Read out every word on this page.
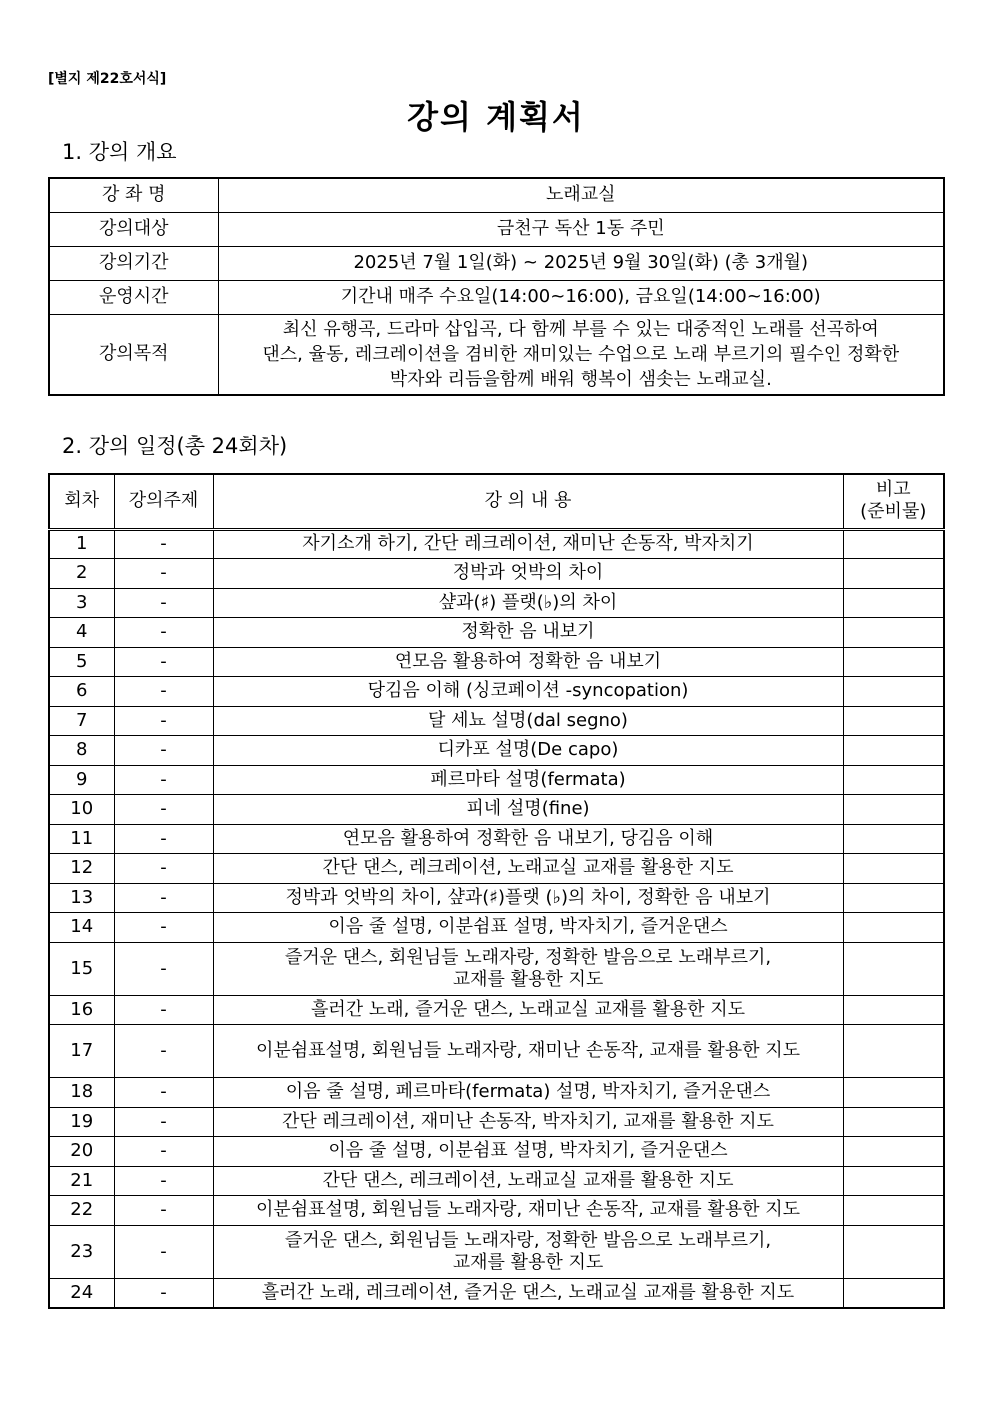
[별지 제22호서식]
강의 계획서
1. 강의 개요
강 좌 명	노래교실
강의대상	금천구 독산 1동 주민
강의기간	2025년 7월 1일(화) ~ 2025년 9월 30일(화) (총 3개월)
운영시간	기간내 매주 수요일(14:00~16:00), 금요일(14:00~16:00)
강의목적	최신 유행곡, 드라마 삽입곡, 다 함께 부를 수 있는 대중적인 노래를 선곡하여
댄스, 율동, 레크레이션을 겸비한 재미있는 수업으로 노래 부르기의 필수인 정확한
박자와 리듬을함께 배워 행복이 샘솟는 노래교실.
2. 강의 일정(총 24회차)
회차	강의주제	강 의 내 용	비고
(준비물)

1	-	자기소개 하기, 간단 레크레이션, 재미난 손동작, 박자치기	

2	-	정박과 엇박의 차이	

3	-	샾과(♯) 플랫(♭)의 차이	

4	-	정확한 음 내보기	

5	-	연모음 활용하여 정확한 음 내보기	

6	-	당김음 이해 (싱코페이션 -syncopation)	

7	-	달 세뇨 설명(dal segno)	

8	-	디카포 설명(De capo)	

9	-	페르마타 설명(fermata)	

10	-	피네 설명(fine)	

11	-	연모음 활용하여 정확한 음 내보기, 당김음 이해	

12	-	간단 댄스, 레크레이션, 노래교실 교재를 활용한 지도	

13	-	정박과 엇박의 차이, 샾과(♯)플랫 (♭)의 차이, 정확한 음 내보기	

14	-	이음 줄 설명, 이분쉼표 설명, 박자치기, 즐거운댄스	

15	-	즐거운 댄스, 회원님들 노래자랑, 정확한 발음으로 노래부르기,
교재를 활용한 지도	

16	-	흘러간 노래, 즐거운 댄스, 노래교실 교재를 활용한 지도	

17	-	이분쉼표설명, 회원님들 노래자랑, 재미난 손동작, 교재를 활용한 지도	

18	-	이음 줄 설명, 페르마타(fermata) 설명, 박자치기, 즐거운댄스	

19	-	간단 레크레이션, 재미난 손동작, 박자치기, 교재를 활용한 지도	

20	-	이음 줄 설명, 이분쉼표 설명, 박자치기, 즐거운댄스	

21	-	간단 댄스, 레크레이션, 노래교실 교재를 활용한 지도	

22	-	이분쉼표설명, 회원님들 노래자랑, 재미난 손동작, 교재를 활용한 지도	

23	-	즐거운 댄스, 회원님들 노래자랑, 정확한 발음으로 노래부르기,
교재를 활용한 지도	

24	-	흘러간 노래, 레크레이션, 즐거운 댄스, 노래교실 교재를 활용한 지도	
